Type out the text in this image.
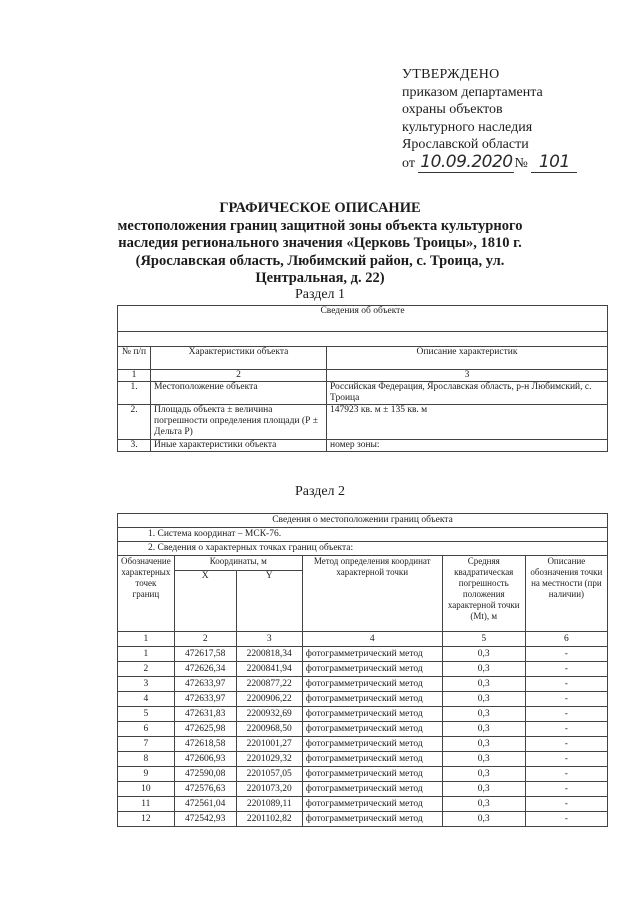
УТВЕРЖДЕНО
приказом департамента
охраны объектов
культурного наследия
Ярославской области
от 10.09.2020 № 101
ГРАФИЧЕСКОЕ ОПИСАНИЕ
местоположения границ защитной зоны объекта культурного наследия регионального значения «Церковь Троицы», 1810 г. (Ярославская область, Любимский район, с. Троица, ул. Центральная, д. 22)
Раздел 1
Сведения об объекте		

№ п/п	Характеристики объекта	Описание характеристик
1	2	3
1.	Местоположение объекта	Российская Федерация, Ярославская область, р-н Любимский, с. Троица
2.	Площадь объекта ± величина погрешности определения площади (Р ± Дельта Р)	147923 кв. м ± 135 кв. м
3.	Иные характеристики объекта	номер зоны:
Раздел 2
Сведения о местоположении границ объекта					
1. Система координат – МСК-76.					
2. Сведения о характерных точках границ объекта:					
Обозначение характерных точек границ	Координаты, м		Метод определения координат характерной точки	Средняя квадратическая погрешность положения характерной точки (Mt), м	Описание обозначения точки на местности (при наличии)
	X	Y			
1	2	3	4	5	6
1	472617,58	2200818,34	фотограмметрический метод	0,3	-
2	472626,34	2200841,94	фотограмметрический метод	0,3	-
3	472633,97	2200877,22	фотограмметрический метод	0,3	-
4	472633,97	2200906,22	фотограмметрический метод	0,3	-
5	472631,83	2200932,69	фотограмметрический метод	0,3	-
6	472625,98	2200968,50	фотограмметрический метод	0,3	-
7	472618,58	2201001,27	фотограмметрический метод	0,3	-
8	472606,93	2201029,32	фотограмметрический метод	0,3	-
9	472590,08	2201057,05	фотограмметрический метод	0,3	-
10	472576,63	2201073,20	фотограмметрический метод	0,3	-
11	472561,04	2201089,11	фотограмметрический метод	0,3	-
12	472542,93	2201102,82	фотограмметрический метод	0,3	-
